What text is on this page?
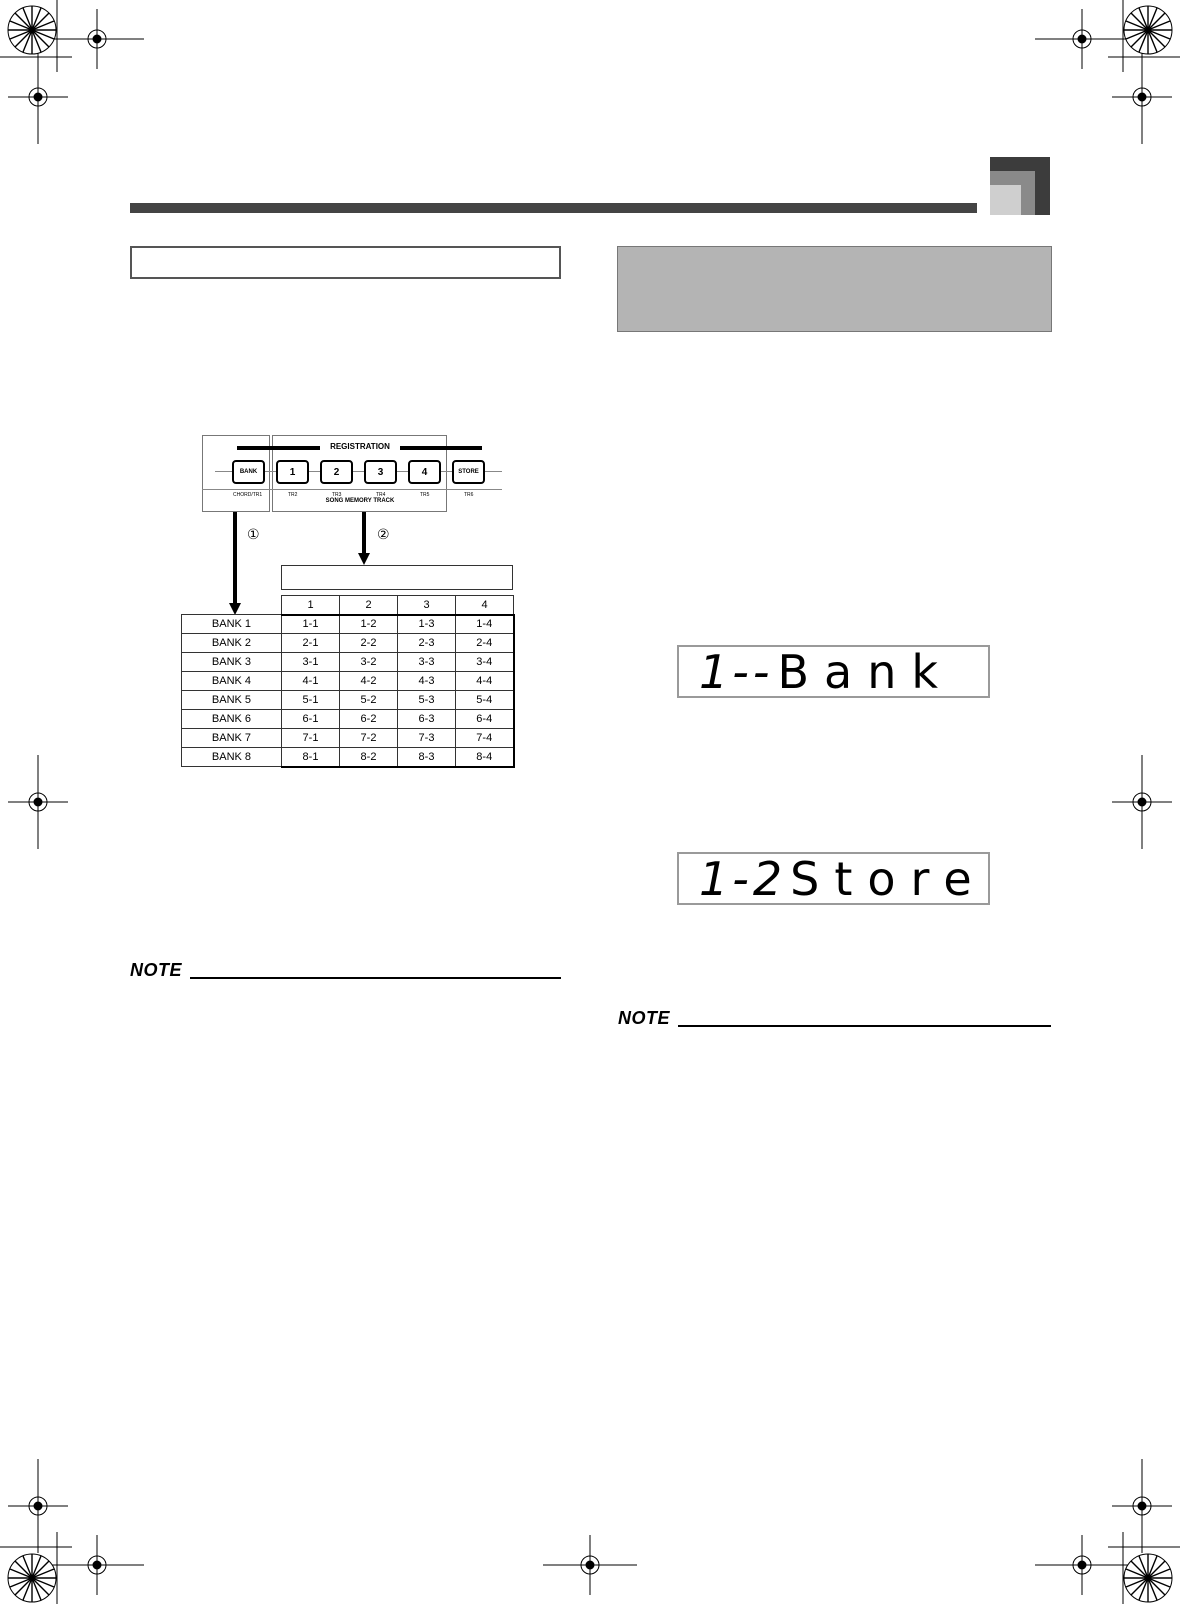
REGISTRATION
BANK	1	2	3	4	STORE
CHORD/TR1	TR2	TR3	TR4	TR5	TR6
SONG MEMORY TRACK
①	②
	1	2	3	4
BANK 1	1-1	1-2	1-3	1-4
BANK 2	2-1	2-2	2-3	2-4
BANK 3	3-1	3-2	3-3	3-4
BANK 4	4-1	4-2	4-3	4-4
BANK 5	5-1	5-2	5-3	5-4
BANK 6	6-1	6-2	6-3	6-4
BANK 7	7-1	7-2	7-3	7-4
BANK 8	8-1	8-2	8-3	8-4
NOTE
NOTE
1-- Bank
1-2 Store
